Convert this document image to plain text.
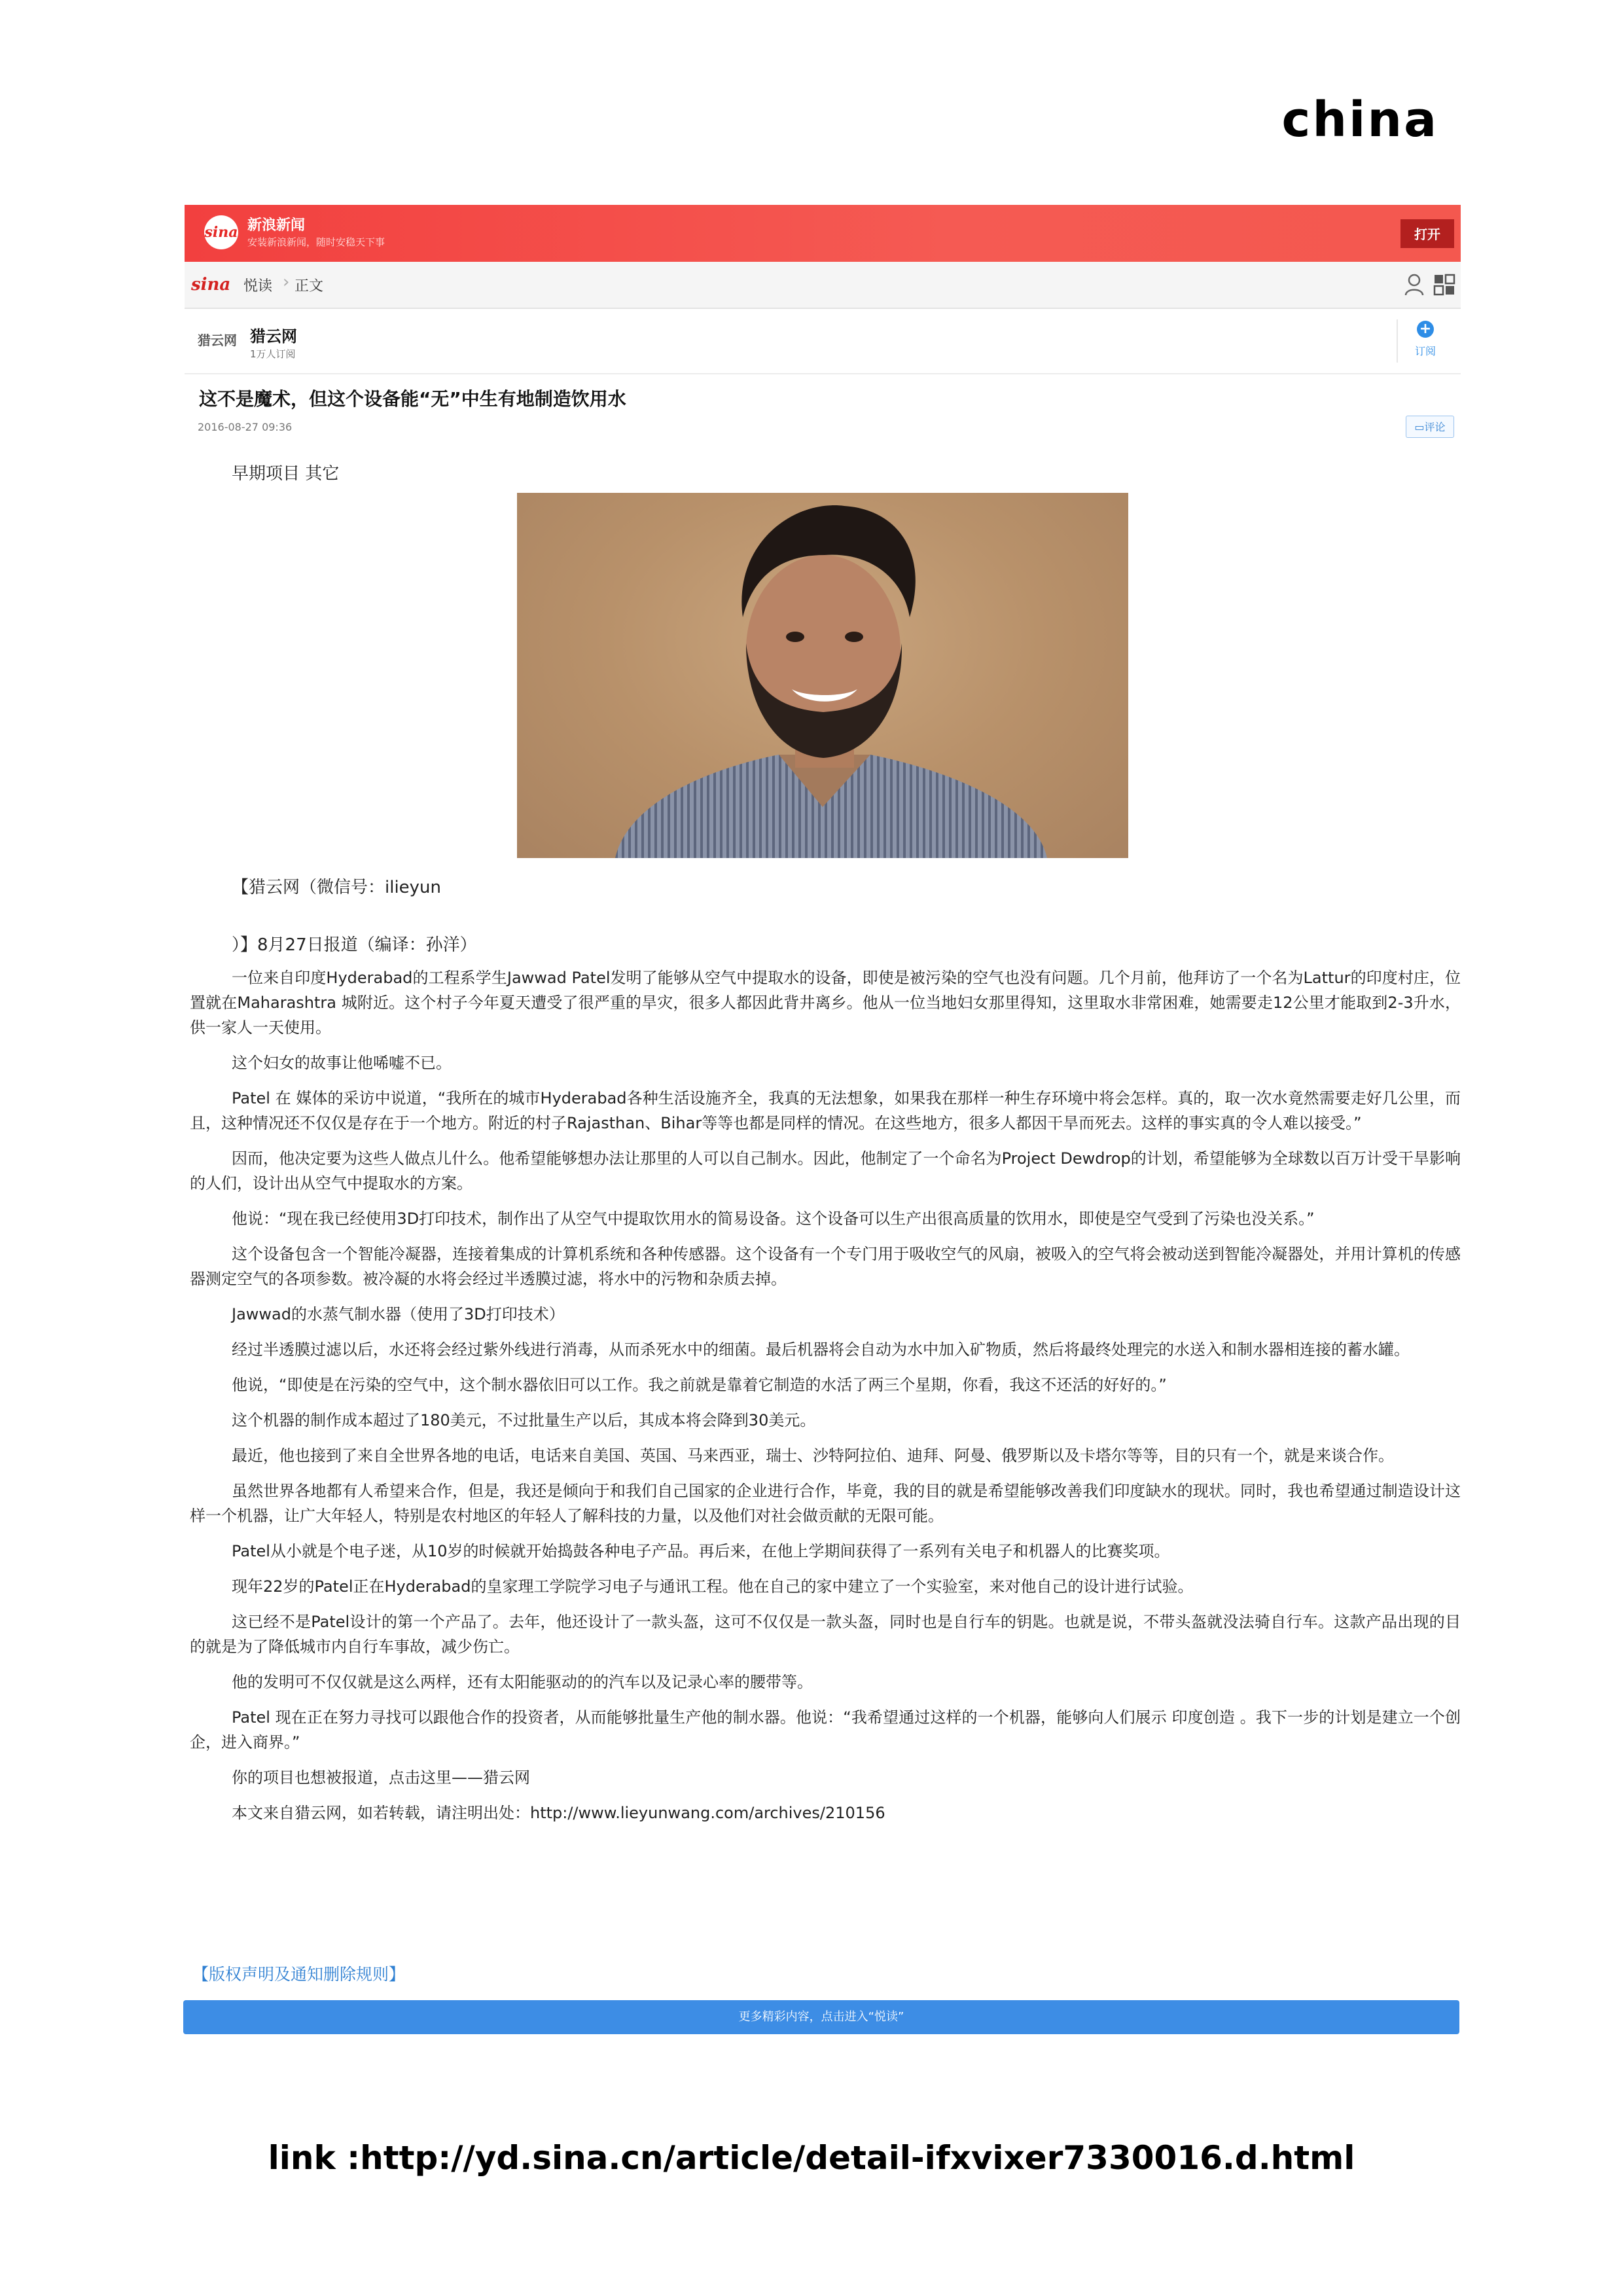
china
sina 新浪新闻
安装新浪新闻，随时安稳天下事	打开
sina 悦读 › 正文
猎云网 猎云网
1万人订阅
+
订阅
这不是魔术，但这个设备能“无”中生有地制造饮用水
2016-08-27 09:36	▭评论
早期项目 其它
【猎云网（微信号：ilieyun
）】8月27日报道（编译：孙洋）

一位来自印度Hyderabad的工程系学生Jawwad Patel发明了能够从空气中提取水的设备，即使是被污染的空气也没有问题。几个月前，他拜访了一个名为Lattur的印度村庄，位置就在Maharashtra 城附近。这个村子今年夏天遭受了很严重的旱灾，很多人都因此背井离乡。他从一位当地妇女那里得知，这里取水非常困难，她需要走12公里才能取到2-3升水，供一家人一天使用。

这个妇女的故事让他唏嘘不已。

Patel 在 媒体的采访中说道，“我所在的城市Hyderabad各种生活设施齐全，我真的无法想象，如果我在那样一种生存环境中将会怎样。真的，取一次水竟然需要走好几公里，而且，这种情况还不仅仅是存在于一个地方。附近的村子Rajasthan、Bihar等等也都是同样的情况。在这些地方，很多人都因干旱而死去。这样的事实真的令人难以接受。”

因而，他决定要为这些人做点儿什么。他希望能够想办法让那里的人可以自己制水。因此，他制定了一个命名为Project Dewdrop的计划，希望能够为全球数以百万计受干旱影响的人们，设计出从空气中提取水的方案。

他说：“现在我已经使用3D打印技术，制作出了从空气中提取饮用水的简易设备。这个设备可以生产出很高质量的饮用水，即使是空气受到了污染也没关系。”

这个设备包含一个智能冷凝器，连接着集成的计算机系统和各种传感器。这个设备有一个专门用于吸收空气的风扇，被吸入的空气将会被动送到智能冷凝器处，并用计算机的传感器测定空气的各项参数。被冷凝的水将会经过半透膜过滤，将水中的污物和杂质去掉。

Jawwad的水蒸气制水器（使用了3D打印技术）

经过半透膜过滤以后，水还将会经过紫外线进行消毒，从而杀死水中的细菌。最后机器将会自动为水中加入矿物质，然后将最终处理完的水送入和制水器相连接的蓄水罐。

他说，“即使是在污染的空气中，这个制水器依旧可以工作。我之前就是靠着它制造的水活了两三个星期，你看，我这不还活的好好的。”

这个机器的制作成本超过了180美元，不过批量生产以后，其成本将会降到30美元。

最近，他也接到了来自全世界各地的电话，电话来自美国、英国、马来西亚，瑞士、沙特阿拉伯、迪拜、阿曼、俄罗斯以及卡塔尔等等，目的只有一个，就是来谈合作。

虽然世界各地都有人希望来合作，但是，我还是倾向于和我们自己国家的企业进行合作，毕竟，我的目的就是希望能够改善我们印度缺水的现状。同时，我也希望通过制造设计这样一个机器，让广大年轻人，特别是农村地区的年轻人了解科技的力量，以及他们对社会做贡献的无限可能。

Patel从小就是个电子迷，从10岁的时候就开始捣鼓各种电子产品。再后来，在他上学期间获得了一系列有关电子和机器人的比赛奖项。

现年22岁的Patel正在Hyderabad的皇家理工学院学习电子与通讯工程。他在自己的家中建立了一个实验室，来对他自己的设计进行试验。

这已经不是Patel设计的第一个产品了。去年，他还设计了一款头盔，这可不仅仅是一款头盔，同时也是自行车的钥匙。也就是说，不带头盔就没法骑自行车。这款产品出现的目的就是为了降低城市内自行车事故，减少伤亡。

他的发明可不仅仅就是这么两样，还有太阳能驱动的的汽车以及记录心率的腰带等。

Patel 现在正在努力寻找可以跟他合作的投资者，从而能够批量生产他的制水器。他说：“我希望通过这样的一个机器，能够向人们展示 印度创造 。我下一步的计划是建立一个创企，进入商界。”

你的项目也想被报道，点击这里——猎云网

本文来自猎云网，如若转载，请注明出处：http://www.lieyunwang.com/archives/210156

【版权声明及通知删除规则】
更多精彩内容，点击进入“悦读”
link :http://yd.sina.cn/article/detail-ifxvixer7330016.d.html
